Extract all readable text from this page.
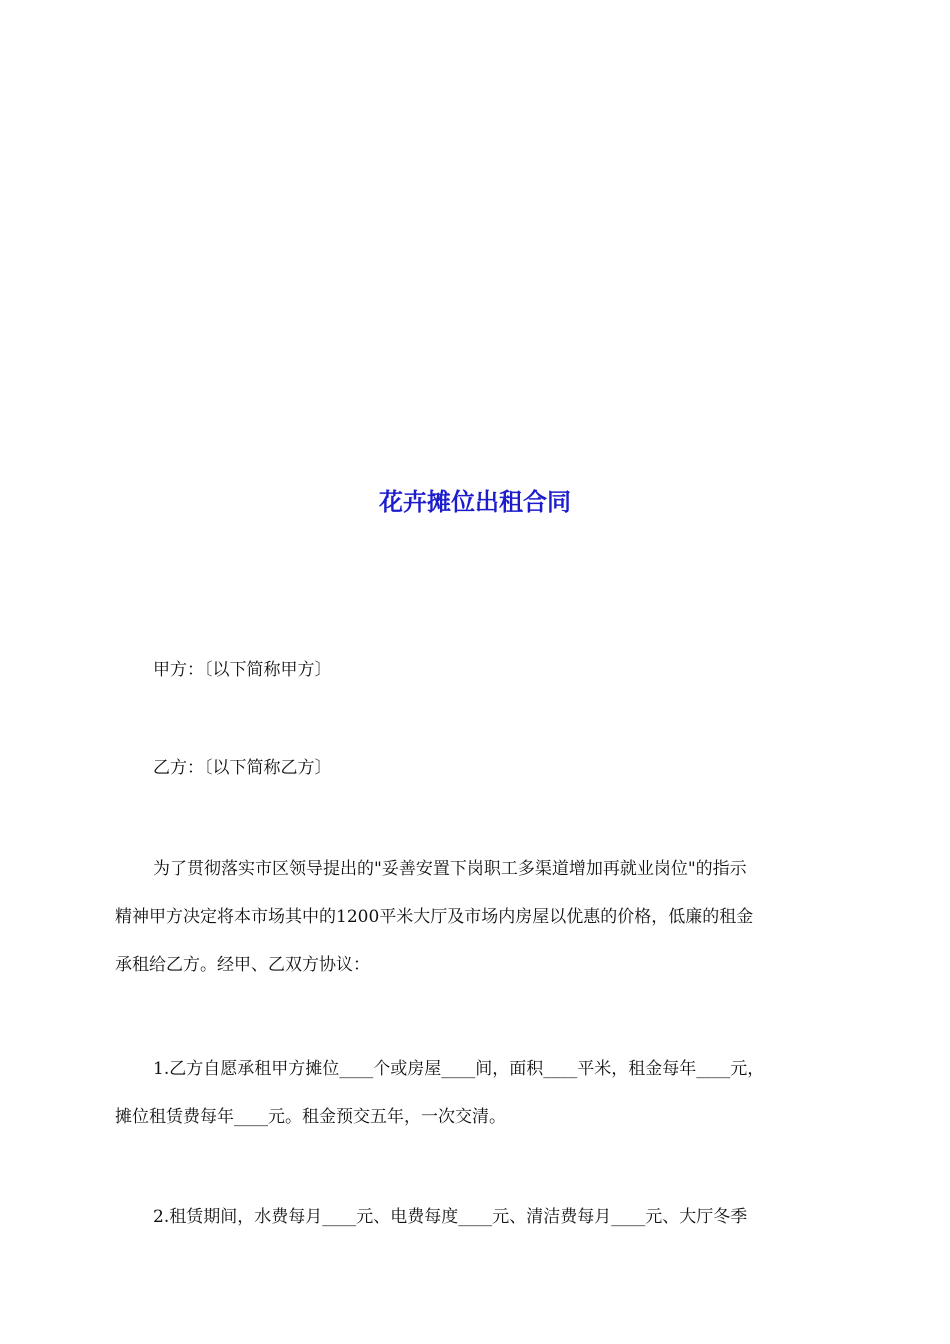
花卉摊位出租合同

甲方：〔以下简称甲方〕

乙方：〔以下简称乙方〕

为了贯彻落实市区领导提出的"妥善安置下岗职工多渠道增加再就业岗位"的指示
精神甲方决定将本市场其中的1200平米大厅及市场内房屋以优惠的价格，低廉的租金
承租给乙方。经甲、乙双方协议：

1.乙方自愿承租甲方摊位____个或房屋____间，面积____平米，租金每年____元，
摊位租赁费每年____元。租金预交五年，一次交清。

2.租赁期间，水费每月____元、电费每度____元、清洁费每月____元、大厅冬季
